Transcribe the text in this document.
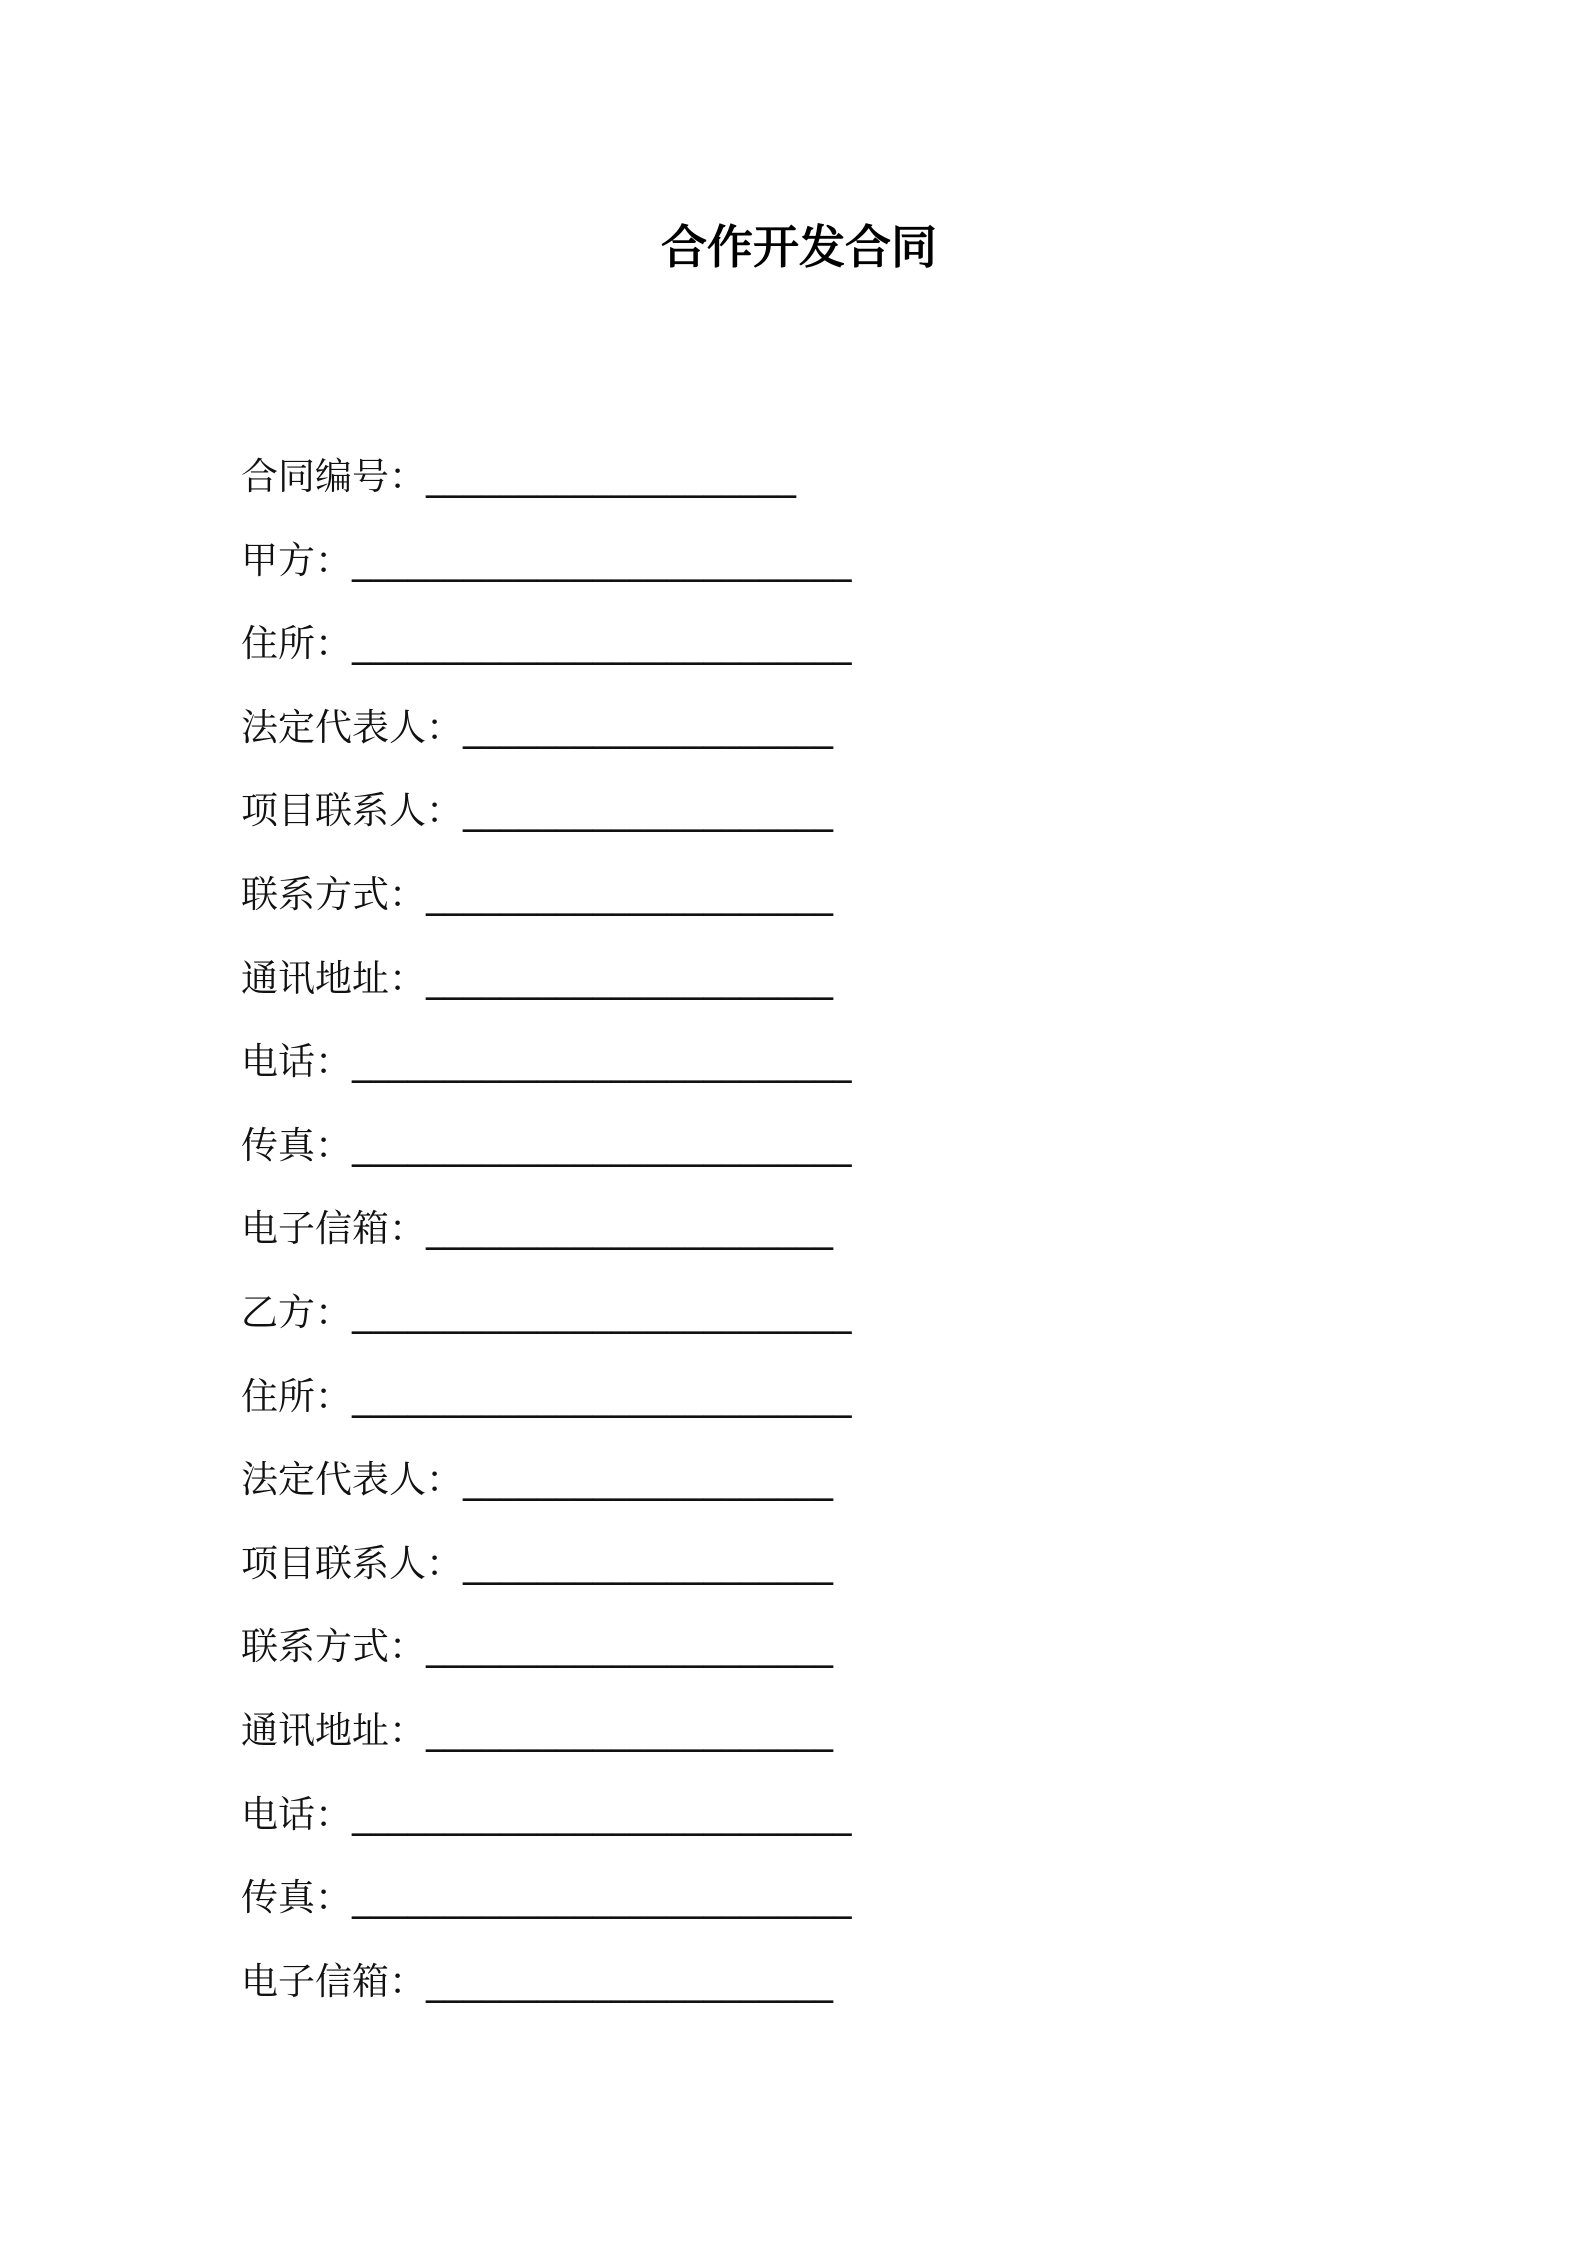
合作开发合同
合同编号：____________________
甲方：___________________________
住所：___________________________
法定代表人：____________________
项目联系人：____________________
联系方式：______________________
通讯地址：______________________
电话：___________________________
传真：___________________________
电子信箱：______________________
乙方：___________________________
住所：___________________________
法定代表人：____________________
项目联系人：____________________
联系方式：______________________
通讯地址：______________________
电话：___________________________
传真：___________________________
电子信箱：______________________
